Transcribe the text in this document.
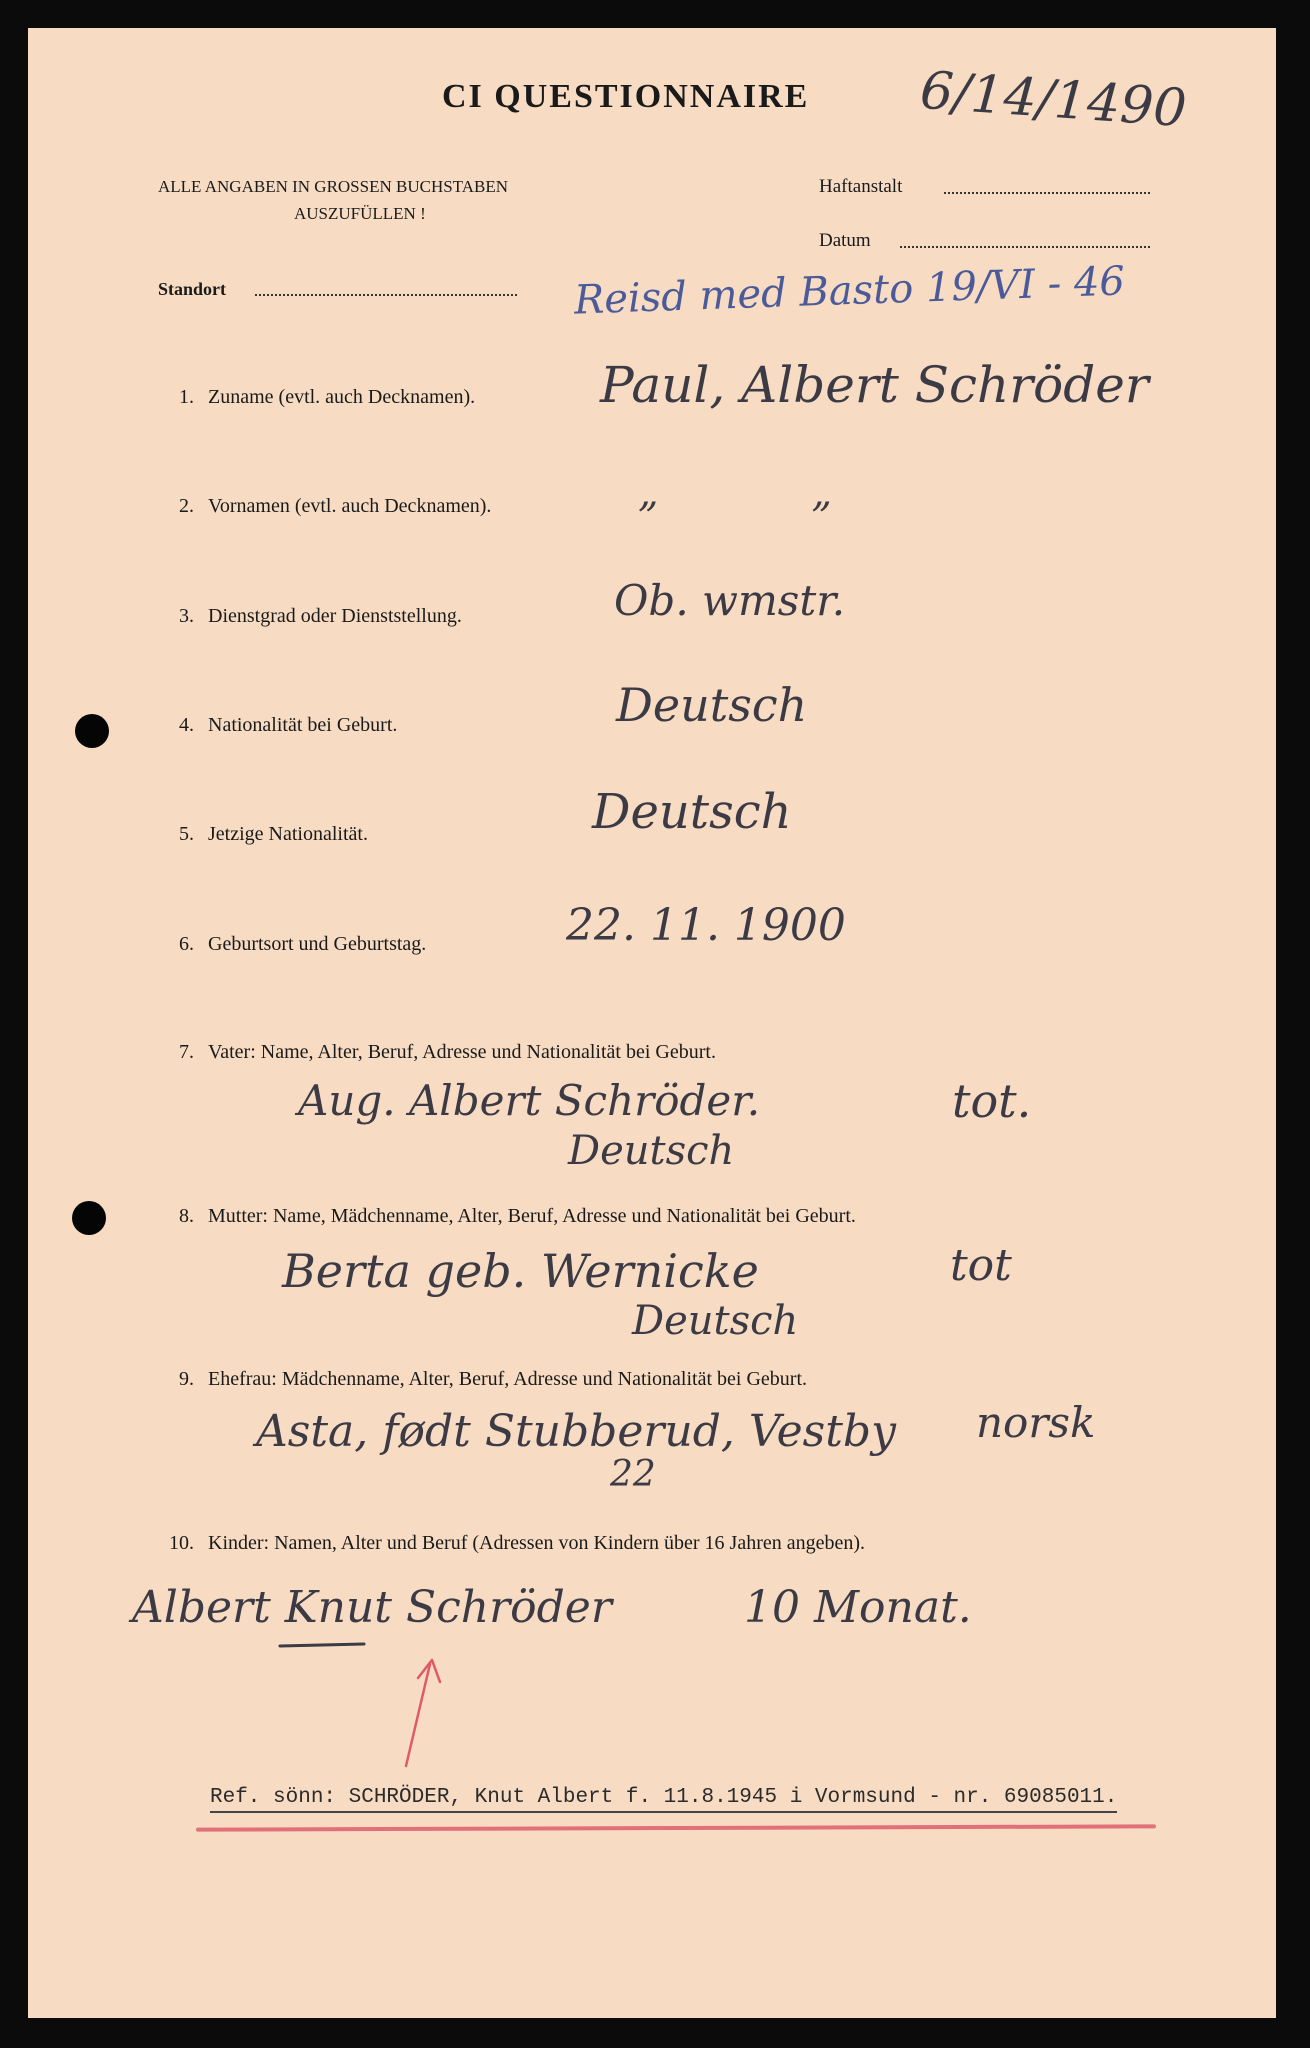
CI QUESTIONNAIRE 6/14/1490
ALLE ANGABEN IN GROSSEN BUCHSTABEN
AUSZUFÜLLEN !
Haftanstalt
Datum
Standort	Reisd med Basto 19/VI - 46
1. Zuname (evtl. auch Decknamen). Paul, Albert Schröder
2. Vornamen (evtl. auch Decknamen).	„ „
3. Dienstgrad oder Dienststellung.	Ob. wmstr.
4. Nationalität bei Geburt.	Deutsch
5. Jetzige Nationalität.	Deutsch
6. Geburtsort und Geburtstag.	22. 11. 1900
7. Vater: Name, Alter, Beruf, Adresse und Nationalität bei Geburt.
Aug. Albert Schröder.	tot.
Deutsch
8. Mutter: Name, Mädchenname, Alter, Beruf, Adresse und Nationalität bei Geburt.
Berta geb. Wernicke	tot
Deutsch
9. Ehefrau: Mädchenname, Alter, Beruf, Adresse und Nationalität bei Geburt.
Asta, født Stubberud, Vestby norsk
22
10. Kinder: Namen, Alter und Beruf (Adressen von Kindern über 16 Jahren angeben).
Albert Knut Schröder	10 Monat.
Ref. sönn: SCHRÖDER, Knut Albert f. 11.8.1945 i Vormsund - nr. 69085011.
